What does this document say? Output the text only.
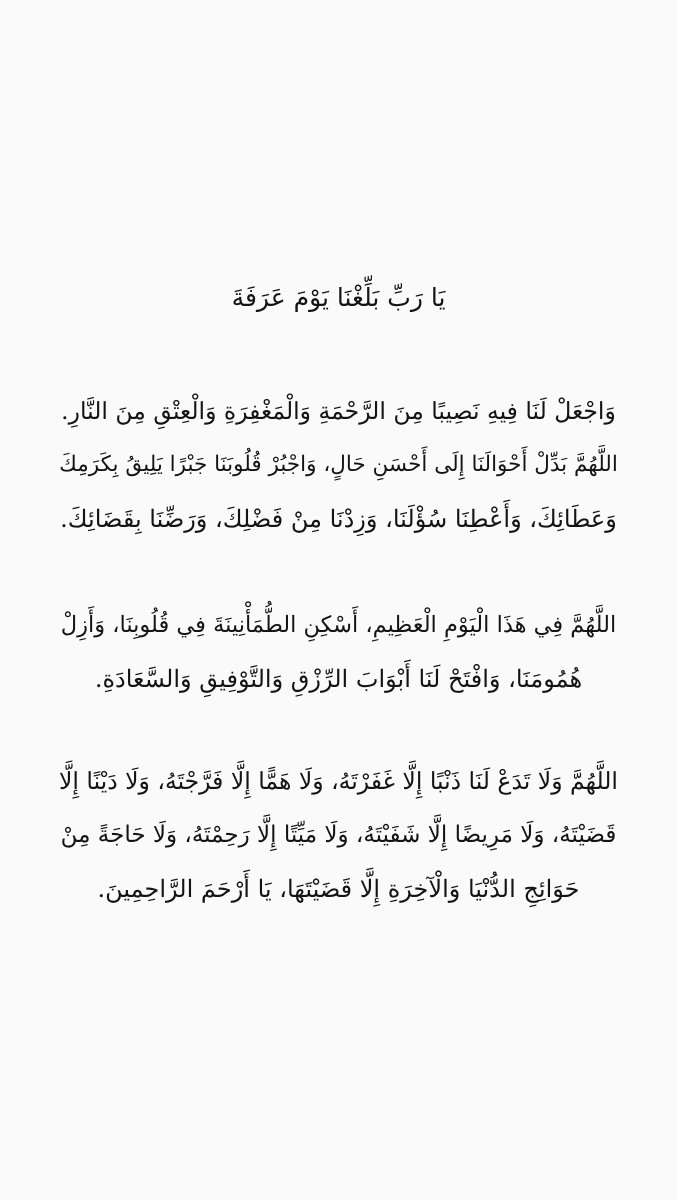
يَا رَبِّ بَلِّغْنَا يَوْمَ عَرَفَةَ

وَاجْعَلْ لَنَا فِيهِ نَصِيبًا مِنَ الرَّحْمَةِ وَالْمَغْفِرَةِ وَالْعِتْقِ مِنَ النَّارِ.
اللَّهُمَّ بَدِّلْ أَحْوَالَنَا إِلَى أَحْسَنِ حَالٍ، وَاجْبُرْ قُلُوبَنَا جَبْرًا يَلِيقُ بِكَرَمِكَ
وَعَطَائِكَ، وَأَعْطِنَا سُؤْلَنَا، وَزِدْنَا مِنْ فَضْلِكَ، وَرَضِّنَا بِقَضَائِكَ.

اللَّهُمَّ فِي هَذَا الْيَوْمِ الْعَظِيمِ، أَسْكِنِ الطُّمَأْنِينَةَ فِي قُلُوبِنَا، وَأَزِلْ
هُمُومَنَا، وَافْتَحْ لَنَا أَبْوَابَ الرِّزْقِ وَالتَّوْفِيقِ وَالسَّعَادَةِ.

اللَّهُمَّ وَلَا تَدَعْ لَنَا ذَنْبًا إِلَّا غَفَرْتَهُ، وَلَا هَمًّا إِلَّا فَرَّجْتَهُ، وَلَا دَيْنًا إِلَّا
قَضَيْتَهُ، وَلَا مَرِيضًا إِلَّا شَفَيْتَهُ، وَلَا مَيِّتًا إِلَّا رَحِمْتَهُ، وَلَا حَاجَةً مِنْ
حَوَائِجِ الدُّنْيَا وَالْآخِرَةِ إِلَّا قَضَيْتَهَا، يَا أَرْحَمَ الرَّاحِمِينَ.
